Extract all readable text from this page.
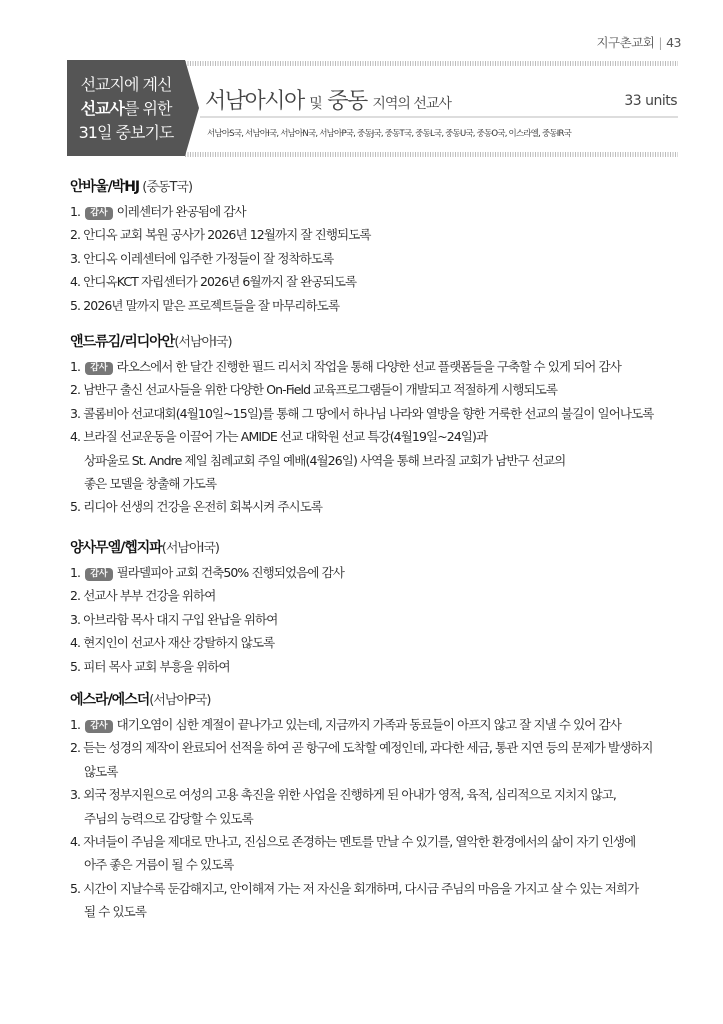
지구촌교회 | 43
선교지에 계신
선교사를 위한
31일 중보기도
서남아시아 및 중동 지역의 선교사	33 units
서남아S국, 서남아I국, 서남아N국, 서남아P국, 중동J국, 중동T국, 중동L국, 중동U국, 중동O국, 이스라엘, 중동IR국
안바울/박HJ (중동T국)
1. 감사 이레센터가 완공됨에 감사
2. 안디옥 교회 복원 공사가 2026년 12월까지 잘 진행되도록
3. 안디옥 이레센터에 입주한 가정들이 잘 정착하도록
4. 안디옥KCT 자립센터가 2026년 6월까지 잘 완공되도록
5. 2026년 말까지 맡은 프로젝트들을 잘 마무리하도록
앤드류김/리디아안(서남아I국)
1. 감사 라오스에서 한 달간 진행한 필드 리서치 작업을 통해 다양한 선교 플랫폼들을 구축할 수 있게 되어 감사
2. 남반구 출신 선교사들을 위한 다양한 On-Field 교육프로그램들이 개발되고 적절하게 시행되도록
3. 콜롬비아 선교대회(4월10일~15일)를 통해 그 땅에서 하나님 나라와 열방을 향한 거룩한 선교의 불길이 일어나도록
4. 브라질 선교운동을 이끌어 가는 AMIDE 선교 대학원 선교 특강(4월19일~24일)과
상파울로 St. Andre 제일 침례교회 주일 예배(4월26일) 사역을 통해 브라질 교회가 남반구 선교의
좋은 모델을 창출해 가도록
5. 리디아 선생의 건강을 온전히 회복시켜 주시도록
양사무엘/헵지파(서남아I국)
1. 감사 필라델피아 교회 건축50% 진행되었음에 감사
2. 선교사 부부 건강을 위하여
3. 아브라함 목사 대지 구입 완납을 위하여
4. 현지인이 선교사 재산 강탈하지 않도록
5. 피터 목사 교회 부흥을 위하여
에스라/에스더(서남아P국)
1. 감사 대기오염이 심한 계절이 끝나가고 있는데, 지금까지 가족과 동료들이 아프지 않고 잘 지낼 수 있어 감사
2. 듣는 성경의 제작이 완료되어 선적을 하여 곧 항구에 도착할 예정인데, 과다한 세금, 통관 지연 등의 문제가 발생하지
않도록
3. 외국 정부지원으로 여성의 고용 촉진을 위한 사업을 진행하게 된 아내가 영적, 육적, 심리적으로 지치지 않고,
주님의 능력으로 감당할 수 있도록
4. 자녀들이 주님을 제대로 만나고, 진심으로 존경하는 멘토를 만날 수 있기를, 열악한 환경에서의 삶이 자기 인생에
아주 좋은 거름이 될 수 있도록
5. 시간이 지날수록 둔감해지고, 안이해져 가는 저 자신을 회개하며, 다시금 주님의 마음을 가지고 살 수 있는 저희가
될 수 있도록
